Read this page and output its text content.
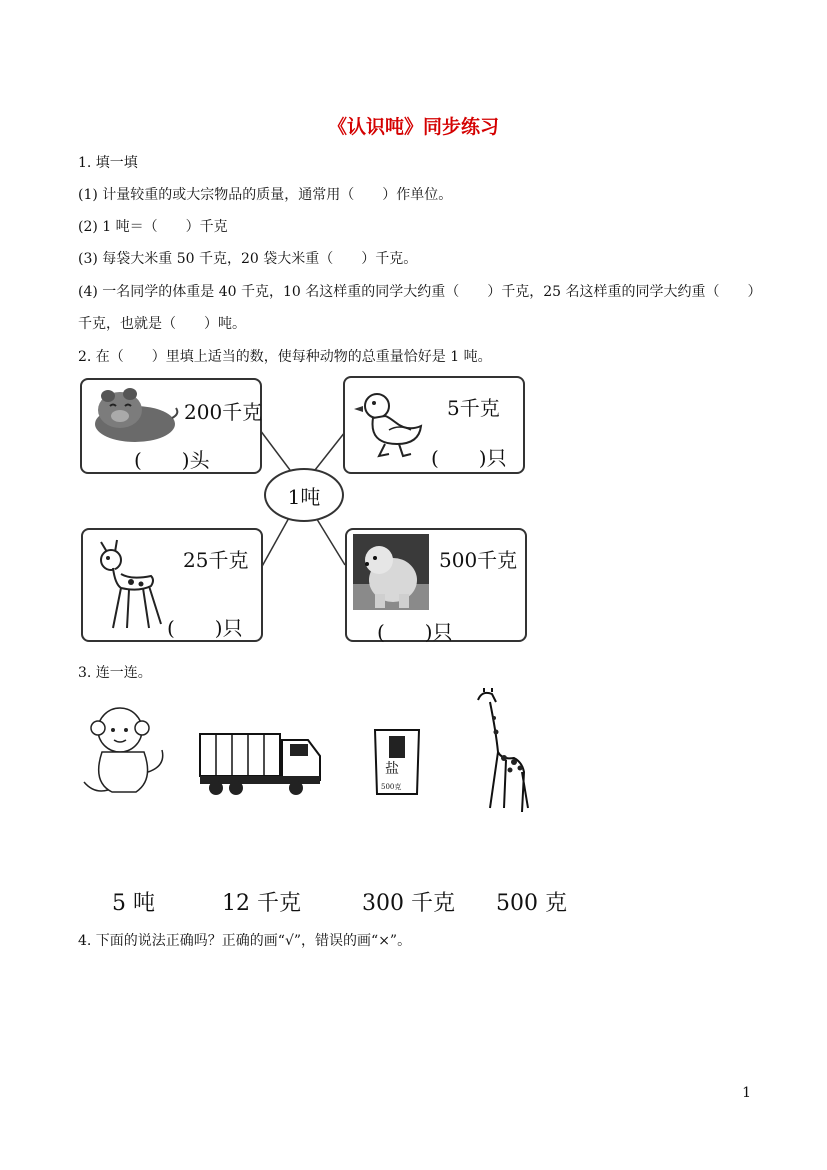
《认识吨》同步练习
1. 填一填
(1) 计量较重的或大宗物品的质量，通常用（　　）作单位。
(2) 1 吨＝（　　）千克
(3) 每袋大米重 50 千克，20 袋大米重（　　）千克。
(4) 一名同学的体重是 40 千克，10 名这样重的同学大约重（　　）千克，25 名这样重的同学大约重（　　）
千克，也就是（　　）吨。
2. 在（　　）里填上适当的数，使每种动物的总重量恰好是 1 吨。
200千克
(　　)头
5千克
(　　)只
25千克
(　　)只
500千克
(　　)只
1吨
3. 连一连。
盐
500克
5 吨	12 千克	300 千克 500 克
4. 下面的说法正确吗？正确的画“√”，错误的画“×”。
1
